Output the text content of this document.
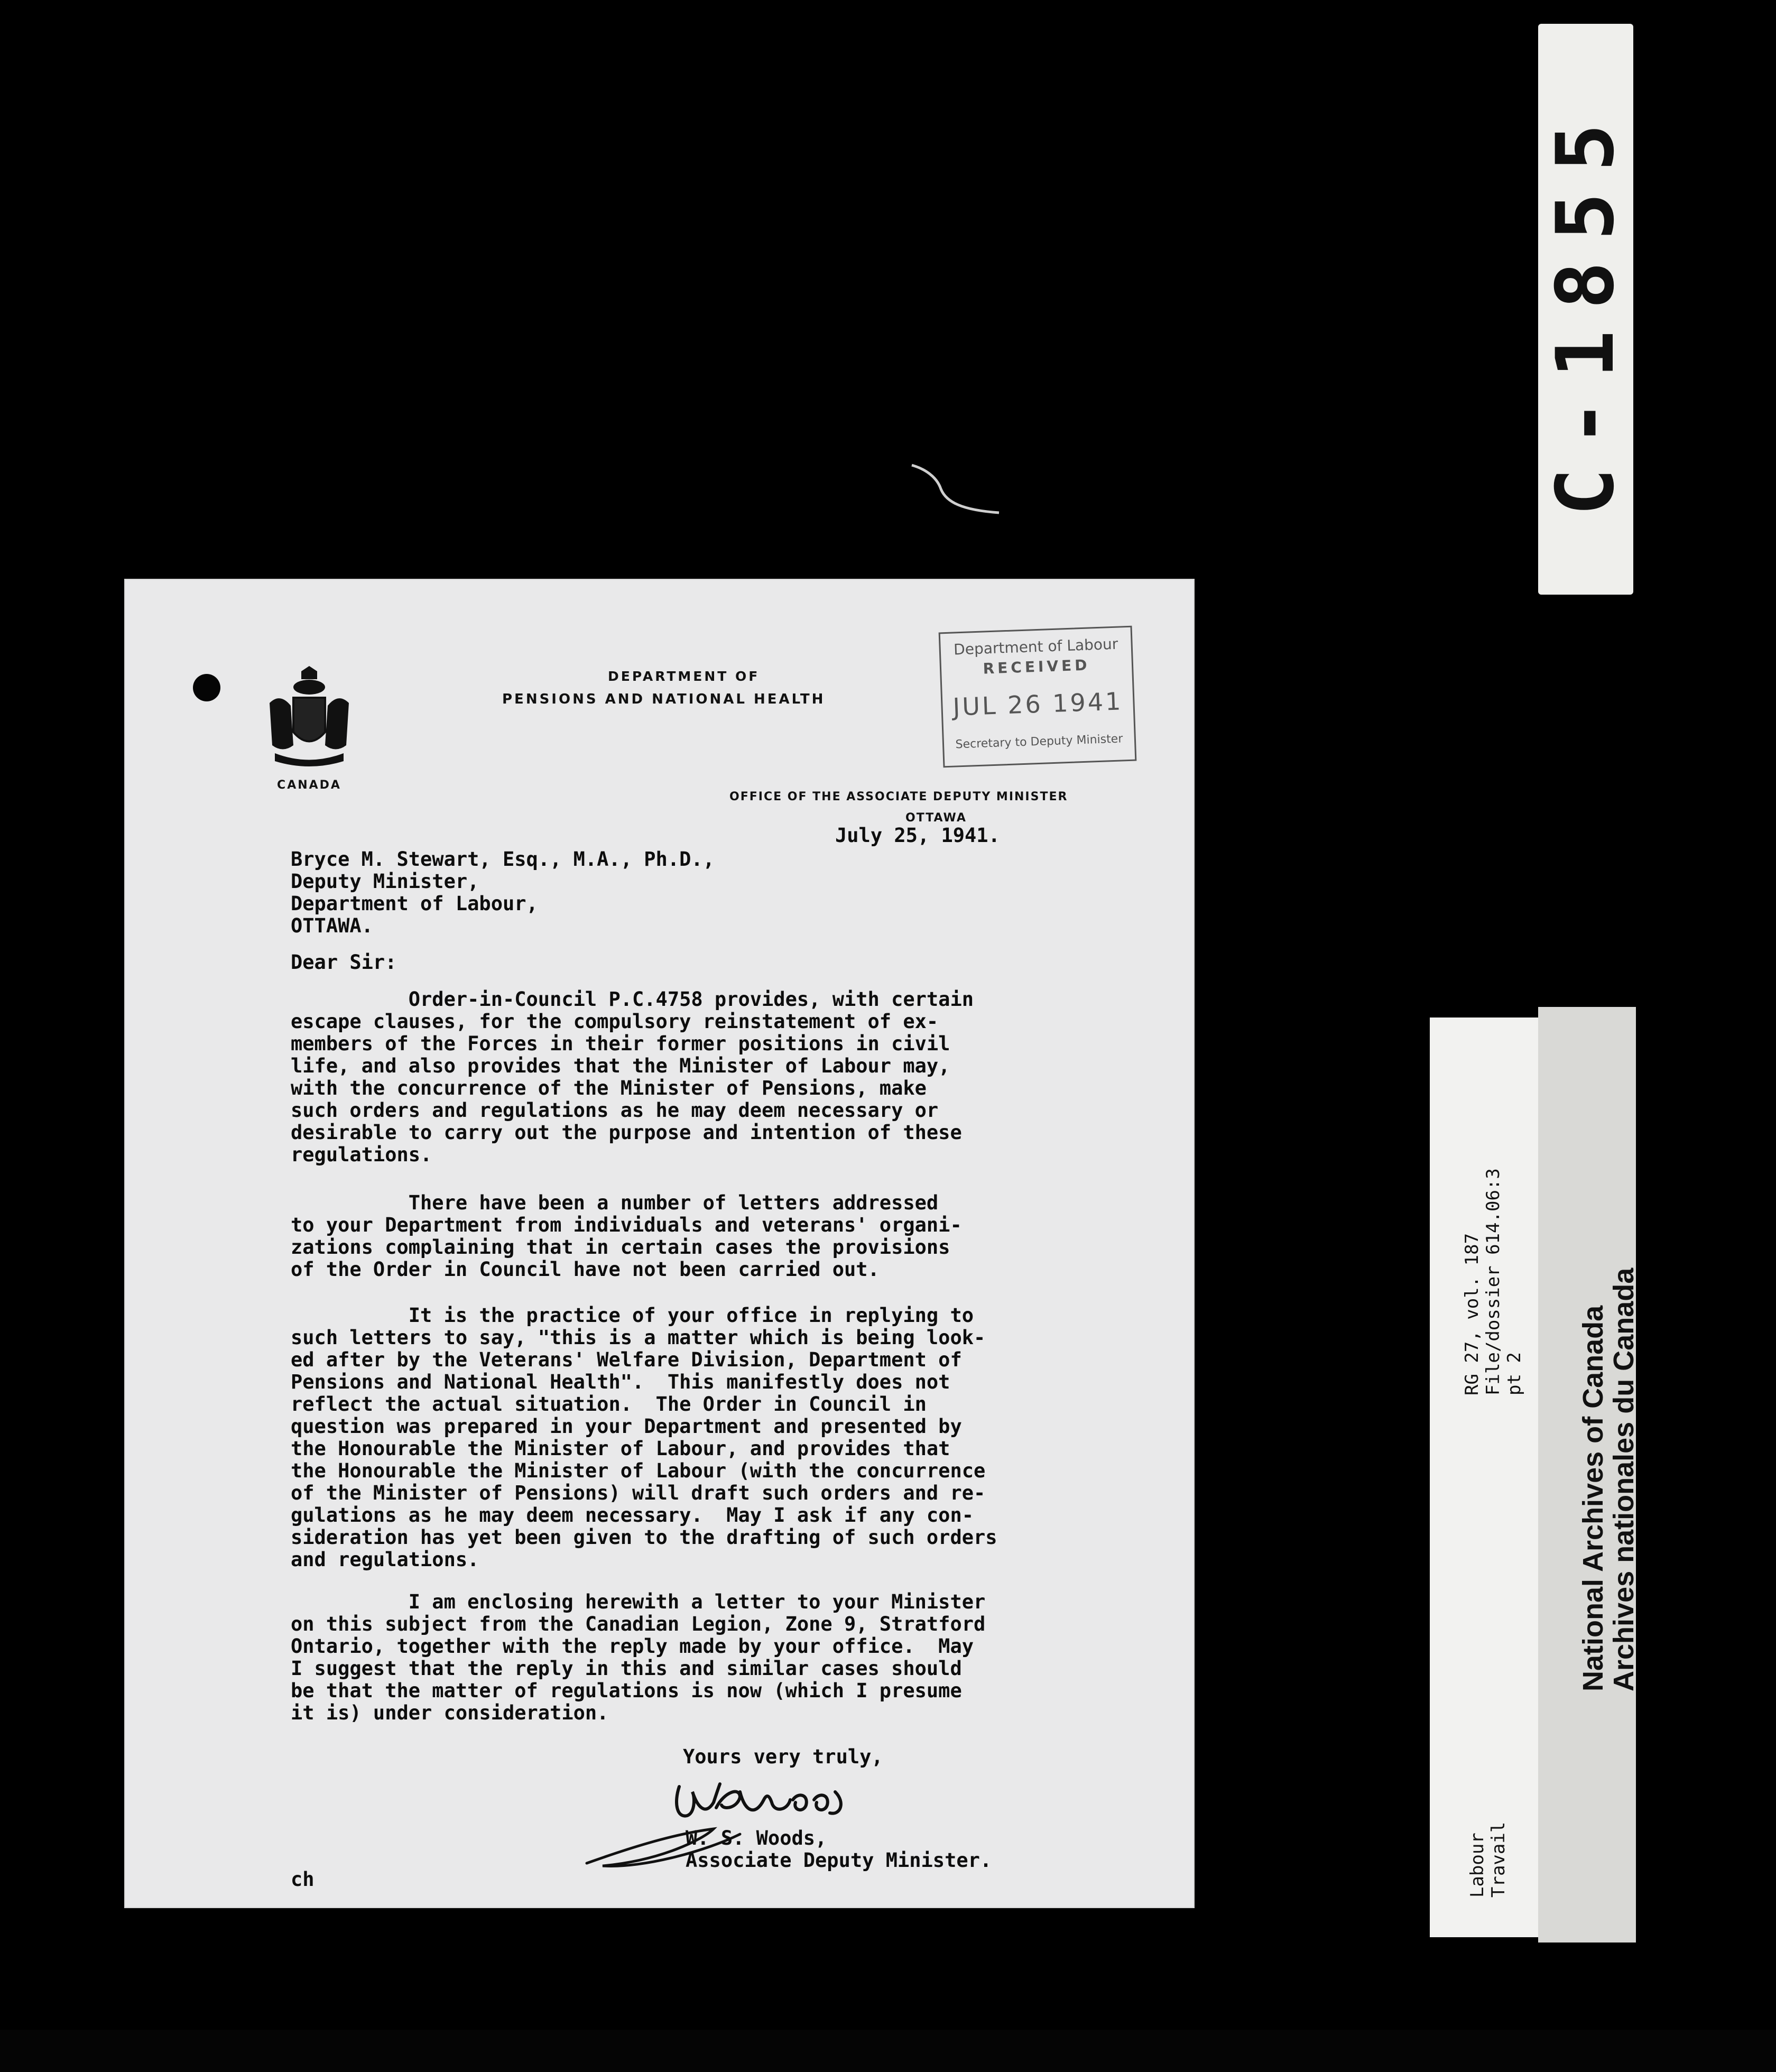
C-1855
CANADA
DEPARTMENT OF
PENSIONS AND NATIONAL HEALTH
OFFICE OF THE ASSOCIATE DEPUTY MINISTER
OTTAWA
Department of Labour
RECEIVED
JUL 26 1941
Secretary to Deputy Minister
July 25, 1941.
Bryce M. Stewart, Esq., M.A., Ph.D.,
Deputy Minister,
Department of Labour,
OTTAWA.
Dear Sir:
Order-in-Council P.C.4758 provides, with certain
escape clauses, for the compulsory reinstatement of ex-
members of the Forces in their former positions in civil
life, and also provides that the Minister of Labour may,
with the concurrence of the Minister of Pensions, make
such orders and regulations as he may deem necessary or
desirable to carry out the purpose and intention of these
regulations.
There have been a number of letters addressed
to your Department from individuals and veterans' organi-
zations complaining that in certain cases the provisions
of the Order in Council have not been carried out.
It is the practice of your office in replying to
such letters to say, "this is a matter which is being look-
ed after by the Veterans' Welfare Division, Department of
Pensions and National Health".  This manifestly does not
reflect the actual situation.  The Order in Council in
question was prepared in your Department and presented by
the Honourable the Minister of Labour, and provides that
the Honourable the Minister of Labour (with the concurrence
of the Minister of Pensions) will draft such orders and re-
gulations as he may deem necessary.  May I ask if any con-
sideration has yet been given to the drafting of such orders
and regulations.
I am enclosing herewith a letter to your Minister
on this subject from the Canadian Legion, Zone 9, Stratford
Ontario, together with the reply made by your office.  May
I suggest that the reply in this and similar cases should
be that the matter of regulations is now (which I presume
it is) under consideration.
Yours very truly,
W. S. Woods,
Associate Deputy Minister.
ch
RG 27, vol. 187
File/dossier 614.06:3
pt 2
Labour
Travail
National Archives of Canada
Archives nationales du Canada
